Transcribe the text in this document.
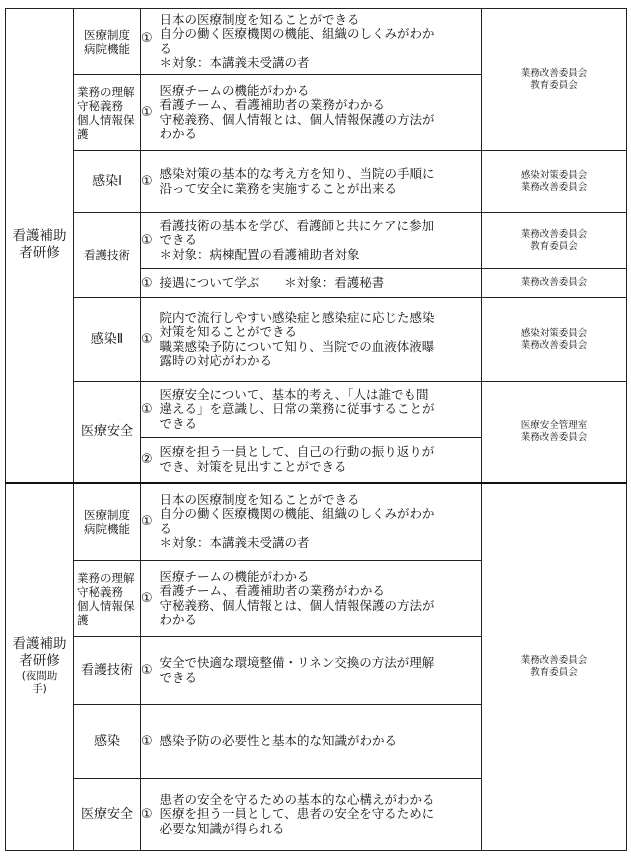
看護補助者研修	医療制度
病院機能	①	日本の医療制度を知ることができる
自分の働く医療機関の機能、組織のしくみがわか
る
＊対象：本講義未受講の者	業務改善委員会
教育委員会

	業務の理解
守秘義務
個人情報保護	①	医療チームの機能がわかる
看護チーム、看護補助者の業務がわかる
守秘義務、個人情報とは、個人情報保護の方法が
わかる	

	感染Ⅰ	①	感染対策の基本的な考え方を知り、当院の手順に
沿って安全に業務を実施することが出来る	感染対策委員会
業務改善委員会

	看護技術	①	看護技術の基本を学び、看護師と共にケアに参加
できる
＊対象：病棟配置の看護補助者対象	業務改善委員会
教育委員会

		①	接遇について学ぶ　　＊対象：看護秘書	業務改善委員会

	感染Ⅱ	①	院内で流行しやすい感染症と感染症に応じた感染
対策を知ることができる
職業感染予防について知り、当院での血液体液曝
露時の対応がわかる	感染対策委員会
業務改善委員会

	医療安全	①	医療安全について、基本的考え、「人は誰でも間
違える」を意識し、日常の業務に従事することが
できる	医療安全管理室
業務改善委員会

		②	医療を担う一員として、自己の行動の振り返りが
でき、対策を見出すことができる	

看護補助者研修 (夜間助手)	医療制度
病院機能	①	日本の医療制度を知ることができる
自分の働く医療機関の機能、組織のしくみがわか
る
＊対象：本講義未受講の者	業務改善委員会
教育委員会

	業務の理解
守秘義務
個人情報保護	①	医療チームの機能がわかる
看護チーム、看護補助者の業務がわかる
守秘義務、個人情報とは、個人情報保護の方法が
わかる	

	看護技術	①	安全で快適な環境整備・リネン交換の方法が理解
できる	

	感染	①	感染予防の必要性と基本的な知識がわかる	

	医療安全	①	患者の安全を守るための基本的な心構えがわかる
医療を担う一員として、患者の安全を守るために
必要な知識が得られる	
